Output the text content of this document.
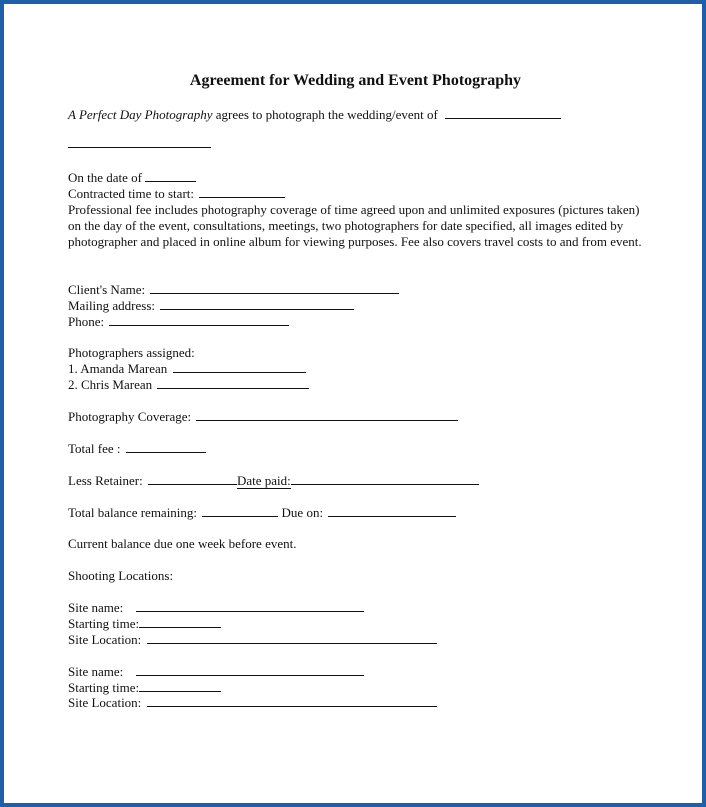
Agreement for Wedding and Event Photography
A Perfect Day Photography agrees to photograph the wedding/event of
On the date of
Contracted time to start:
Professional fee includes photography coverage of time agreed upon and unlimited exposures (pictures taken) on the day of the event, consultations, meetings, two photographers for date specified, all images edited by photographer and placed in online album for viewing purposes. Fee also covers travel costs to and from event.
Client's Name:
Mailing address:
Phone:
Photographers assigned:
1. Amanda Marean
2. Chris Marean
Photography Coverage:
Total fee :
Less Retainer:	Date paid:
Total balance remaining:	Due on:
Current balance due one week before event.
Shooting Locations:
Site name:
Starting time:
Site Location:
Site name:
Starting time:
Site Location:
